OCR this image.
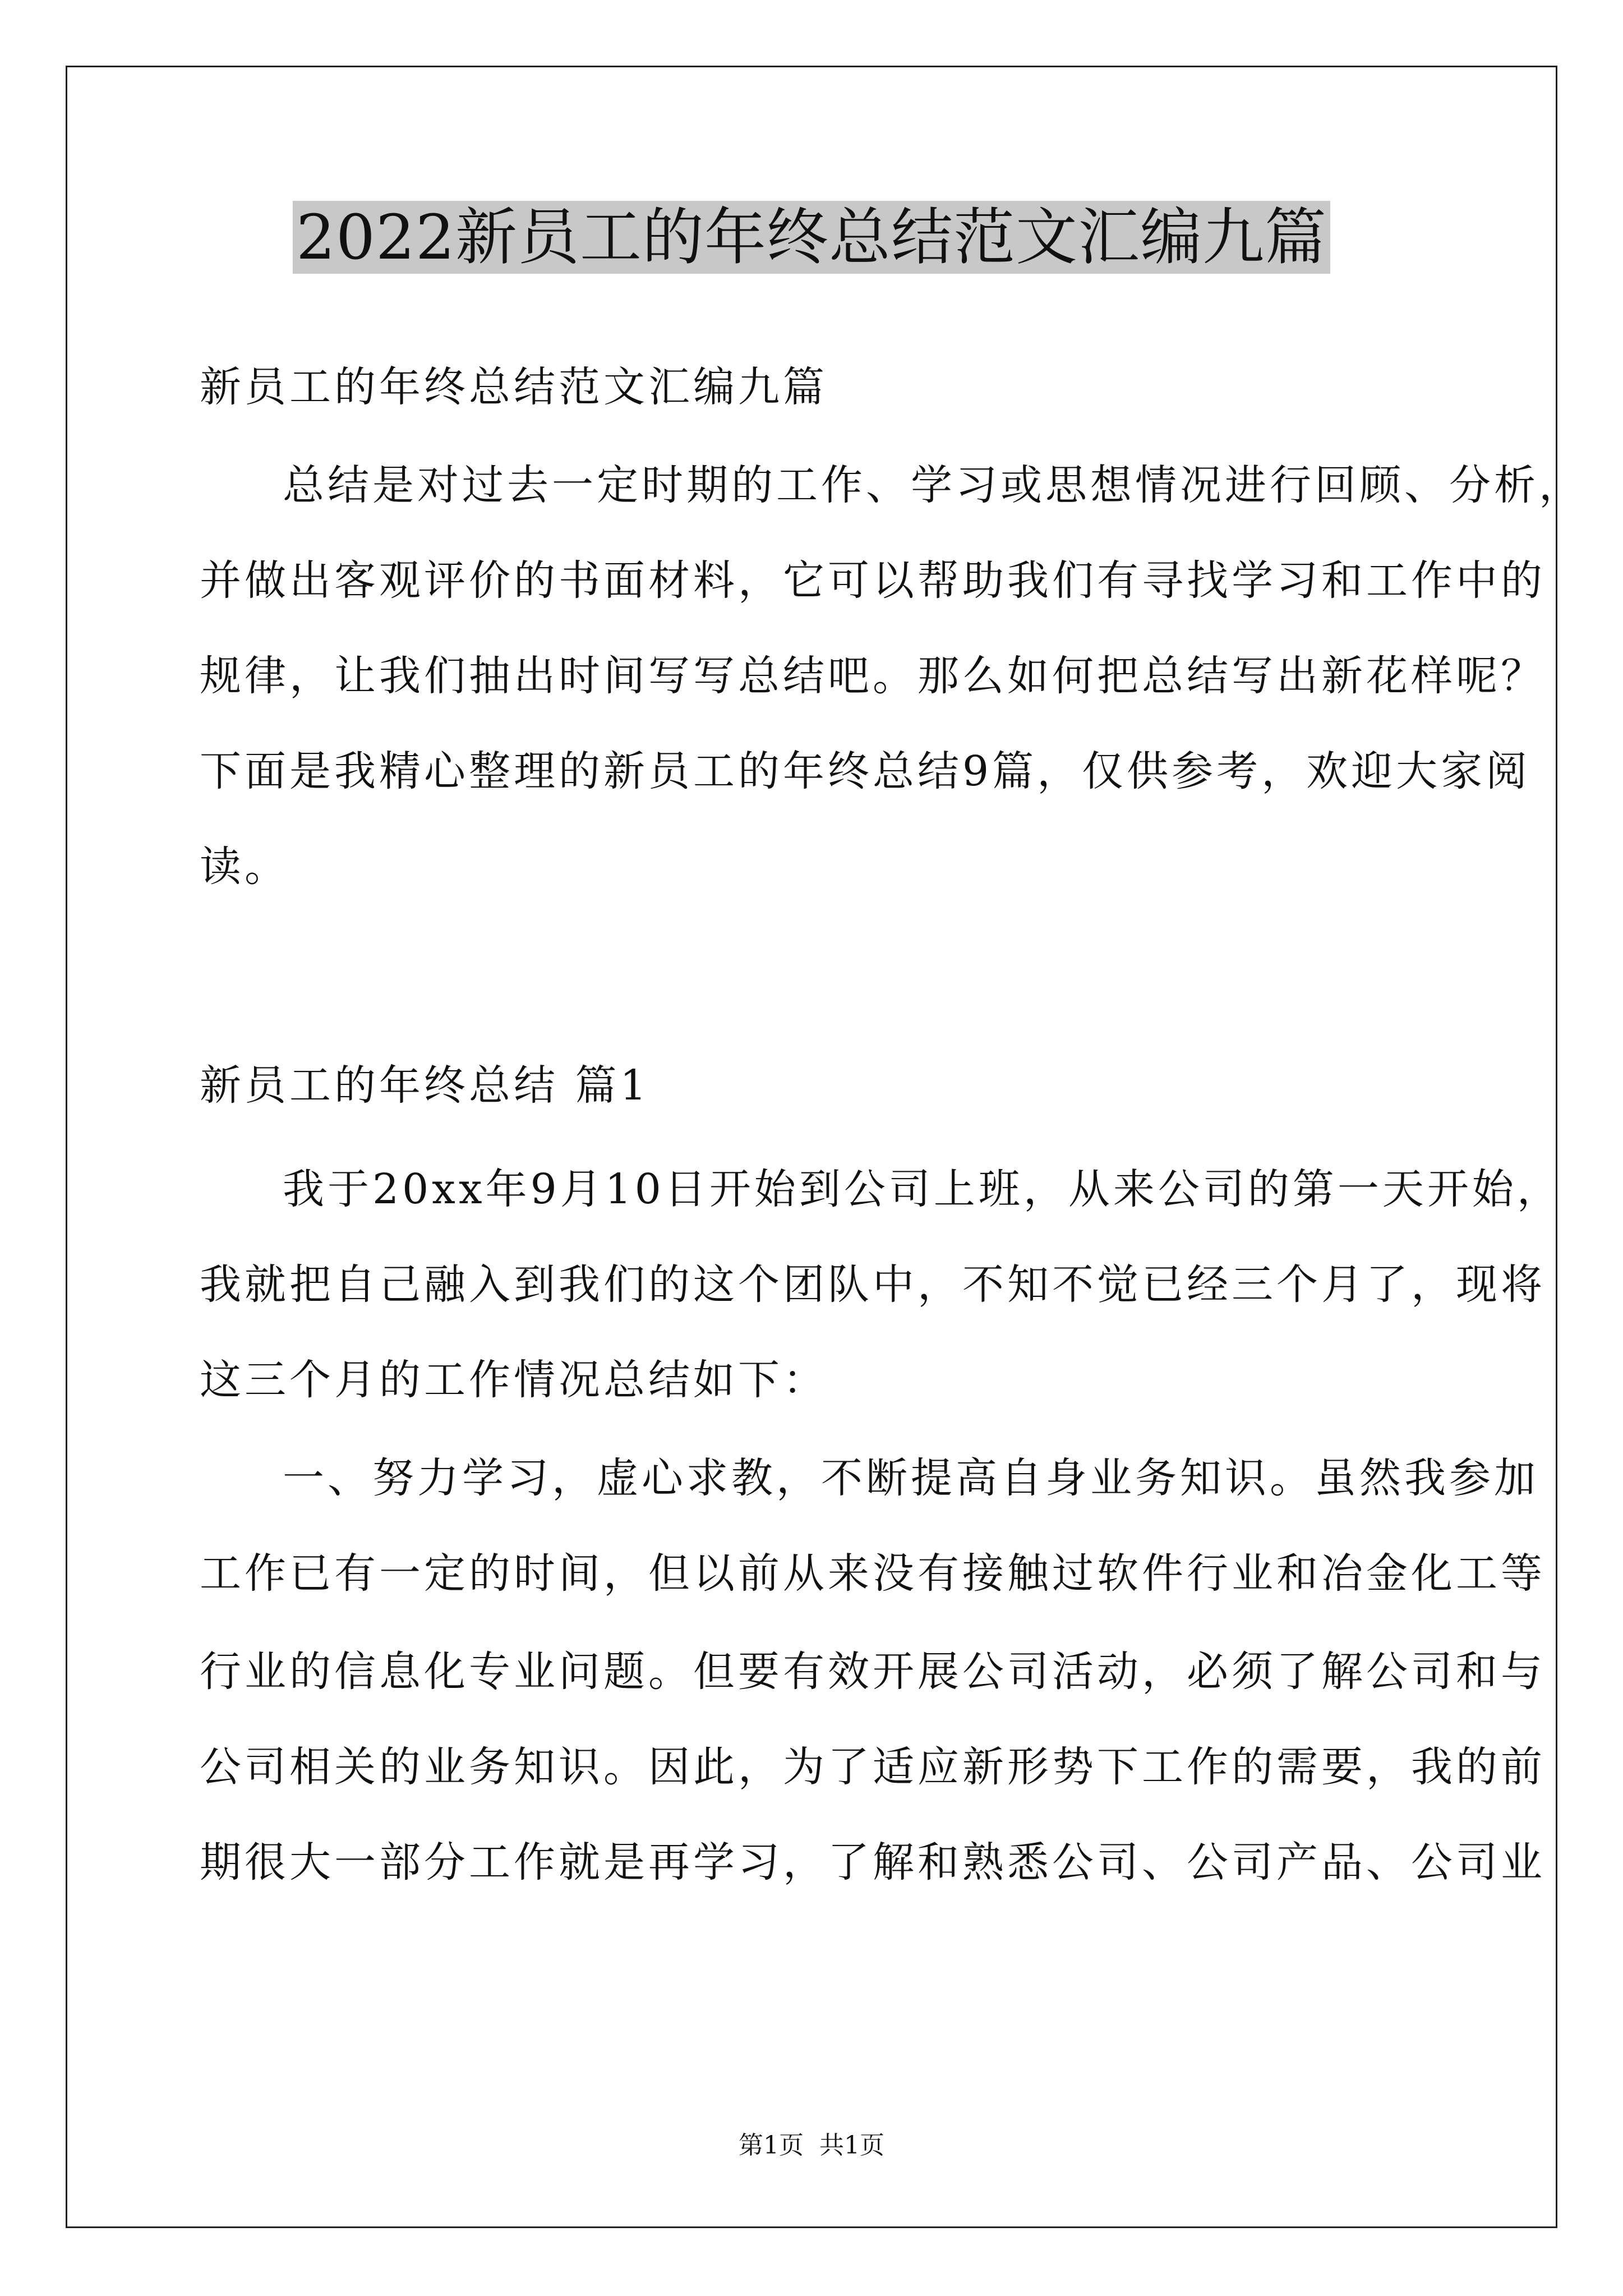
2022新员工的年终总结范文汇编九篇
新员工的年终总结范文汇编九篇
总结是对过去一定时期的工作、学习或思想情况进行回顾、分析，
并做出客观评价的书面材料，它可以帮助我们有寻找学习和工作中的
规律，让我们抽出时间写写总结吧。那么如何把总结写出新花样呢？
下面是我精心整理的新员工的年终总结9篇，仅供参考，欢迎大家阅
读。
新员工的年终总结 篇1
我于20xx年9月10日开始到公司上班，从来公司的第一天开始，
我就把自己融入到我们的这个团队中，不知不觉已经三个月了，现将
这三个月的工作情况总结如下：
一、努力学习，虚心求教，不断提高自身业务知识。虽然我参加
工作已有一定的时间，但以前从来没有接触过软件行业和冶金化工等
行业的信息化专业问题。但要有效开展公司活动，必须了解公司和与
公司相关的业务知识。因此，为了适应新形势下工作的需要，我的前
期很大一部分工作就是再学习，了解和熟悉公司、公司产品、公司业
第1页 共1页
